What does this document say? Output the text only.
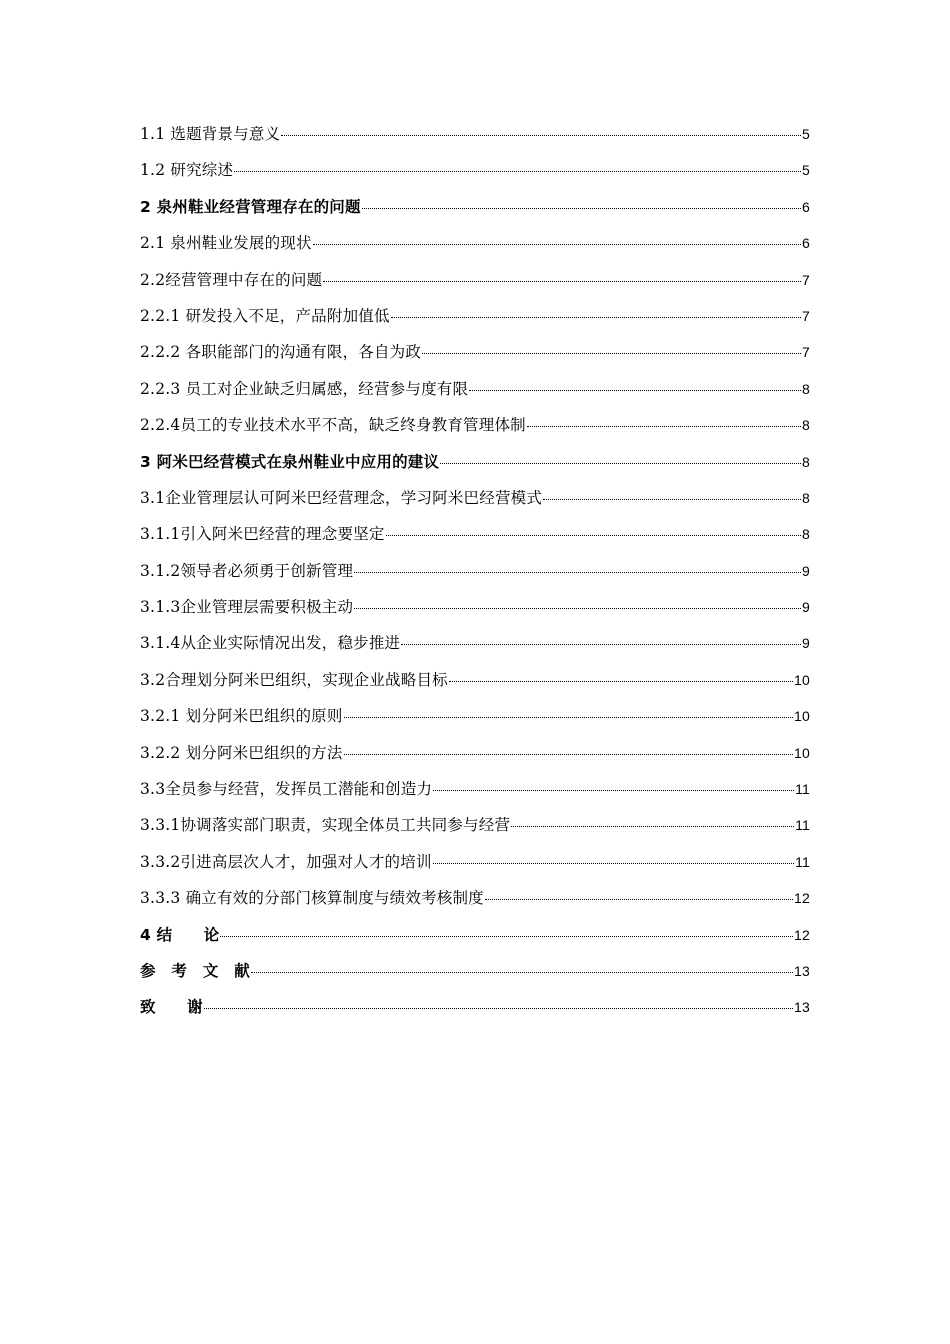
1.1 选题背景与意义	5
1.2 研究综述	5
2 泉州鞋业经营管理存在的问题	6
2.1 泉州鞋业发展的现状	6
2.2经营管理中存在的问题	7
2.2.1 研发投入不足，产品附加值低	7
2.2.2 各职能部门的沟通有限，各自为政	7
2.2.3 员工对企业缺乏归属感，经营参与度有限	8
2.2.4员工的专业技术水平不高，缺乏终身教育管理体制	8
3 阿米巴经营模式在泉州鞋业中应用的建议	8
3.1企业管理层认可阿米巴经营理念，学习阿米巴经营模式	8
3.1.1引入阿米巴经营的理念要坚定	8
3.1.2领导者必须勇于创新管理	9
3.1.3企业管理层需要积极主动	9
3.1.4从企业实际情况出发，稳步推进	9
3.2合理划分阿米巴组织，实现企业战略目标	10
3.2.1 划分阿米巴组织的原则	10
3.2.2 划分阿米巴组织的方法	10
3.3全员参与经营，发挥员工潜能和创造力	11
3.3.1协调落实部门职责，实现全体员工共同参与经营	11
3.3.2引进高层次人才，加强对人才的培训	11
3.3.3 确立有效的分部门核算制度与绩效考核制度	12
4 结　　论	12
参　考　文　献	13
致　　谢	13
